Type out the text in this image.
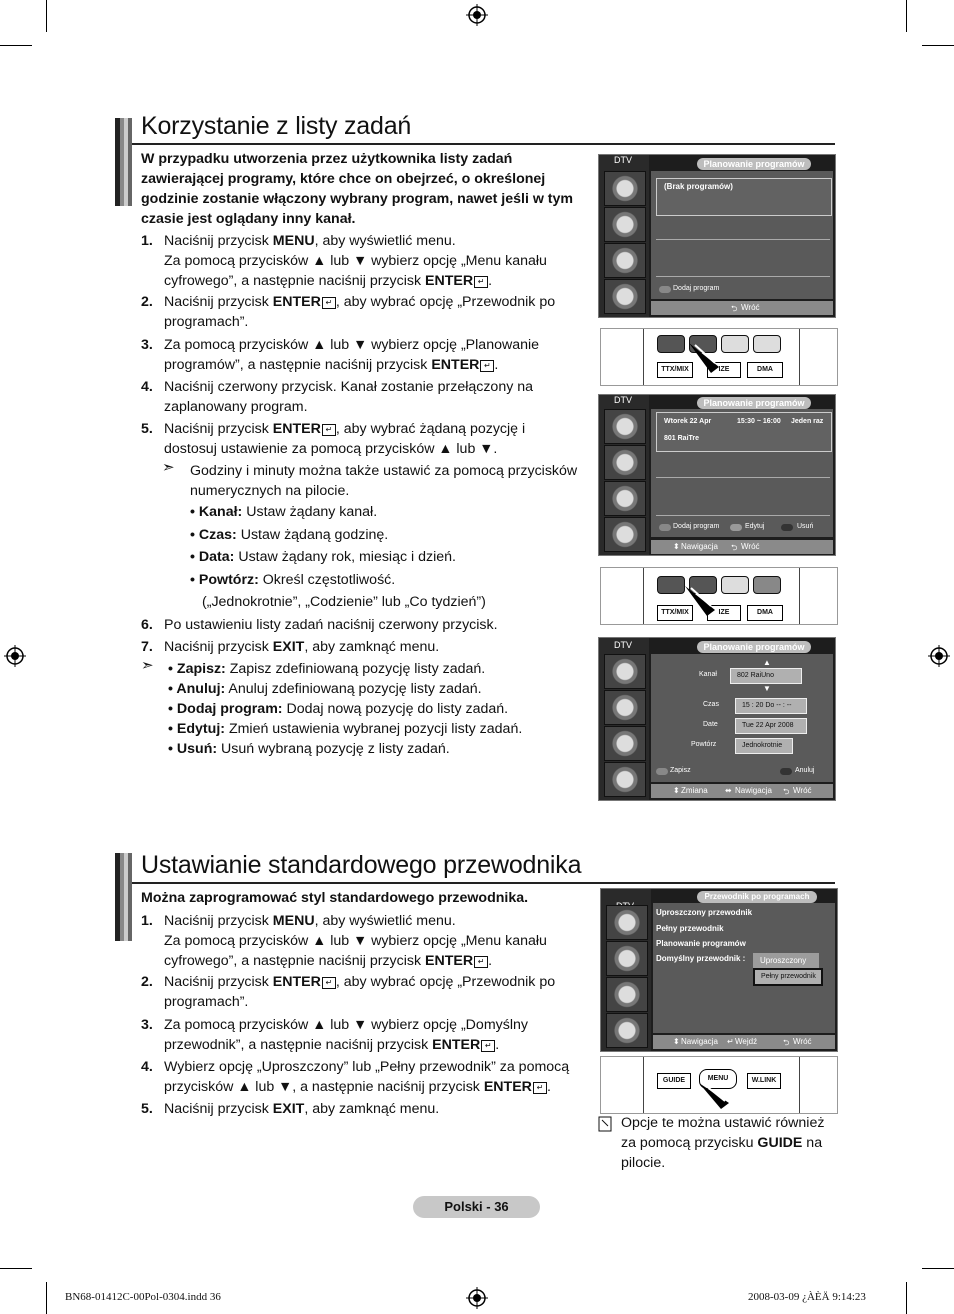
Korzystanie z listy zadań
W przypadku utworzenia przez użytkownika listy zadań
zawierającej programy, które chce on obejrzeć, o określonej
godzinie zostanie włączony wybrany program, nawet jeśli w tym
czasie jest oglądany inny kanał.
1. Naciśnij przycisk MENU, aby wyświetlić menu.
Za pomocą przycisków ▲ lub ▼ wybierz opcję „Menu kanału
cyfrowego”, a następnie naciśnij przycisk ENTER ↵ .
2. Naciśnij przycisk ENTER ↵ , aby wybrać opcję „Przewodnik po
programach”.
3. Za pomocą przycisków ▲ lub ▼ wybierz opcję „Planowanie
programów”, a następnie naciśnij przycisk ENTER ↵ .
4. Naciśnij czerwony przycisk. Kanał zostanie przełączony na
zaplanowany program.
5. Naciśnij przycisk ENTER ↵ , aby wybrać żądaną pozycję i
dostosuj ustawienie za pomocą przycisków ▲ lub ▼.
➣ Godziny i minuty można także ustawić za pomocą przycisków
numerycznych na pilocie.
• Kanał: Ustaw żądany kanał.
• Czas: Ustaw żądaną godzinę.
• Data: Ustaw żądany rok, miesiąc i dzień.
• Powtórz: Określ częstotliwość.
(„Jednokrotnie”, „Codzienie” lub „Co tydzień”)
6. Po ustawieniu listy zadań naciśnij czerwony przycisk.
7. Naciśnij przycisk EXIT, aby zamknąć menu.
➣ • Zapisz: Zapisz zdefiniowaną pozycję listy zadań.
• Anuluj: Anuluj zdefiniowaną pozycję listy zadań.
• Dodaj program: Dodaj nową pozycję do listy zadań.
• Edytuj: Zmień ustawienia wybranej pozycji listy zadań.
• Usuń: Usuń wybraną pozycję z listy zadań.
DTV	Planowanie programów
(Brak programów)
Dodaj program
⮌ Wróć
TTX/MIX	IZE	DMA
DTV	Planowanie programów
Wtorek 22 Apr	15:30 ~ 16:00 Jeden raz
801 RaiTre
Dodaj program	Edytuj	Usuń
⬍ Nawigacja ⮌ Wróć
TTX/MIX	IZE	DMA
DTV	Planowanie programów
▲
Kanał	802 RaiUno
▼
Czas	15 : 20 Do -- : --
Date	Tue 22 Apr 2008
Powtórz	Jednokrotnie
Zapisz	Anuluj
⬍ Zmiana ⬌ Nawigacja ⮌ Wróć
Ustawianie standardowego przewodnika
Można zaprogramować styl standardowego przewodnika.
1. Naciśnij przycisk MENU, aby wyświetlić menu.
Za pomocą przycisków ▲ lub ▼ wybierz opcję „Menu kanału
cyfrowego”, a następnie naciśnij przycisk ENTER ↵ .
2. Naciśnij przycisk ENTER ↵ , aby wybrać opcję „Przewodnik po
programach”.
3. Za pomocą przycisków ▲ lub ▼ wybierz opcję „Domyślny
przewodnik”, a następnie naciśnij przycisk ENTER ↵ .
4. Wybierz opcję „Uproszczony” lub „Pełny przewodnik” za pomocą
przycisków ▲ lub ▼, a następnie naciśnij przycisk ENTER ↵ .
5. Naciśnij przycisk EXIT, aby zamknąć menu.
Przewodnik po programach
Uproszczony przewodnik
Pełny przewodnik
Planowanie programów
Domyślny przewodnik :	Uproszczony
Pełny przewodnik
⬍ Nawigacja ↵ Wejdź	⮌ Wróć
GUIDE	MENU	W.LINK
Opcje te można ustawić również
za pomocą przycisku GUIDE na
pilocie.
Polski - 36
BN68-01412C-00Pol-0304.indd 36	2008-03-09 ¿ÀÈÄ 9:14:23
